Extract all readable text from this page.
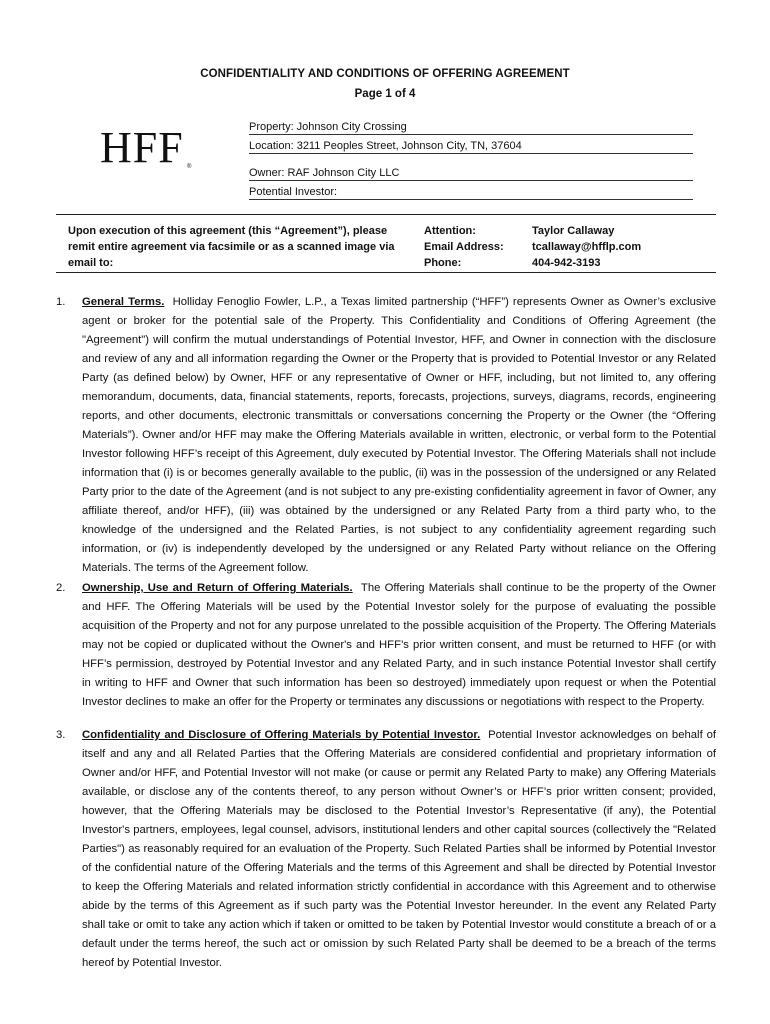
CONFIDENTIALITY AND CONDITIONS OF OFFERING AGREEMENT
Page 1 of 4
HFF ®
Property: Johnson City Crossing
Location: 3211 Peoples Street, Johnson City, TN, 37604
Owner: RAF Johnson City LLC
Potential Investor:
Upon execution of this agreement (this “Agreement”), please remit entire agreement via facsimile or as a scanned image via email to:
Attention:
Email Address:
Phone:
Taylor Callaway
tcallaway@hfflp.com
404-942-3193
1. General Terms. Holliday Fenoglio Fowler, L.P., a Texas limited partnership (“HFF”) represents Owner as Owner’s exclusive agent or broker for the potential sale of the Property. This Confidentiality and Conditions of Offering Agreement (the "Agreement") will confirm the mutual understandings of Potential Investor, HFF, and Owner in connection with the disclosure and review of any and all information regarding the Owner or the Property that is provided to Potential Investor or any Related Party (as defined below) by Owner, HFF or any representative of Owner or HFF, including, but not limited to, any offering memorandum, documents, data, financial statements, reports, forecasts, projections, surveys, diagrams, records, engineering reports, and other documents, electronic transmittals or conversations concerning the Property or the Owner (the “Offering Materials”). Owner and/or HFF may make the Offering Materials available in written, electronic, or verbal form to the Potential Investor following HFF’s receipt of this Agreement, duly executed by Potential Investor. The Offering Materials shall not include information that (i) is or becomes generally available to the public, (ii) was in the possession of the undersigned or any Related Party prior to the date of the Agreement (and is not subject to any pre-existing confidentiality agreement in favor of Owner, any affiliate thereof, and/or HFF), (iii) was obtained by the undersigned or any Related Party from a third party who, to the knowledge of the undersigned and the Related Parties, is not subject to any confidentiality agreement regarding such information, or (iv) is independently developed by the undersigned or any Related Party without reliance on the Offering Materials. The terms of the Agreement follow.
2. Ownership, Use and Return of Offering Materials. The Offering Materials shall continue to be the property of the Owner and HFF. The Offering Materials will be used by the Potential Investor solely for the purpose of evaluating the possible acquisition of the Property and not for any purpose unrelated to the possible acquisition of the Property. The Offering Materials may not be copied or duplicated without the Owner's and HFF’s prior written consent, and must be returned to HFF (or with HFF’s permission, destroyed by Potential Investor and any Related Party, and in such instance Potential Investor shall certify in writing to HFF and Owner that such information has been so destroyed) immediately upon request or when the Potential Investor declines to make an offer for the Property or terminates any discussions or negotiations with respect to the Property.
3. Confidentiality and Disclosure of Offering Materials by Potential Investor. Potential Investor acknowledges on behalf of itself and any and all Related Parties that the Offering Materials are considered confidential and proprietary information of Owner and/or HFF, and Potential Investor will not make (or cause or permit any Related Party to make) any Offering Materials available, or disclose any of the contents thereof, to any person without Owner’s or HFF’s prior written consent; provided, however, that the Offering Materials may be disclosed to the Potential Investor’s Representative (if any), the Potential Investor's partners, employees, legal counsel, advisors, institutional lenders and other capital sources (collectively the "Related Parties") as reasonably required for an evaluation of the Property. Such Related Parties shall be informed by Potential Investor of the confidential nature of the Offering Materials and the terms of this Agreement and shall be directed by Potential Investor to keep the Offering Materials and related information strictly confidential in accordance with this Agreement and to otherwise abide by the terms of this Agreement as if such party was the Potential Investor hereunder. In the event any Related Party shall take or omit to take any action which if taken or omitted to be taken by Potential Investor would constitute a breach of or a default under the terms hereof, the such act or omission by such Related Party shall be deemed to be a breach of the terms hereof by Potential Investor.
